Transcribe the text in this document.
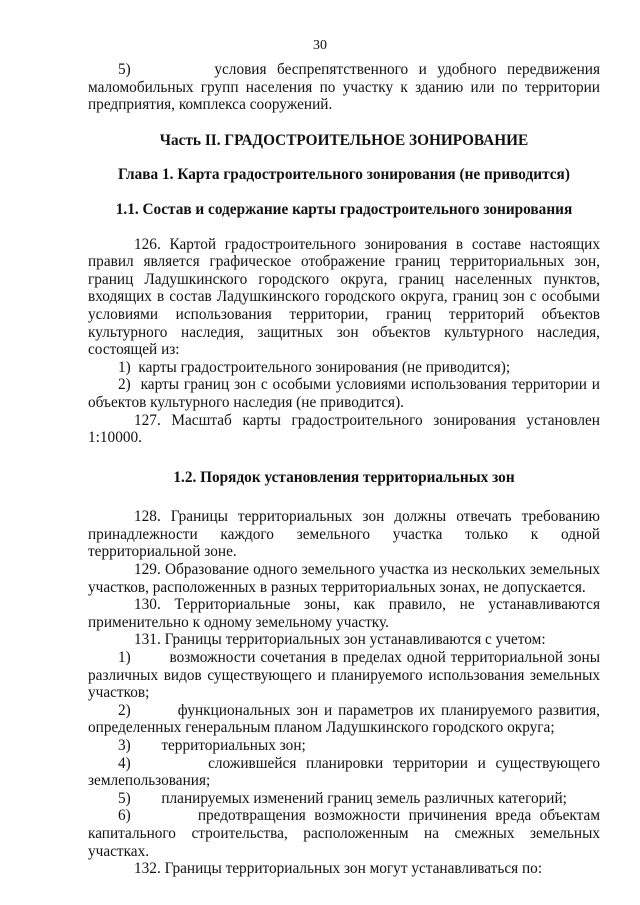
30

5)        условия беспрепятственного и удобного передвижения маломобильных групп населения по участку к зданию или по территории предприятия, комплекса сооружений.

Часть II. ГРАДОСТРОИТЕЛЬНОЕ ЗОНИРОВАНИЕ

Глава 1. Карта градостроительного зонирования (не приводится)

1.1. Состав и содержание карты градостроительного зонирования

126. Картой градостроительного зонирования в составе настоящих правил является графическое отображение границ территориальных зон, границ Ладушкинского городского округа, границ населенных пунктов, входящих в состав Ладушкинского городского округа, границ зон с особыми условиями использования территории, границ территорий объектов культурного наследия, защитных зон объектов культурного наследия, состоящей из:

1)  карты градостроительного зонирования (не приводится);

2)  карты границ зон с особыми условиями использования территории и объектов культурного наследия (не приводится).

127. Масштаб карты градостроительного зонирования установлен 1:10000.

1.2. Порядок установления территориальных зон

128. Границы территориальных зон должны отвечать требованию принадлежности каждого земельного участка только к одной территориальной зоне.

129. Образование одного земельного участка из нескольких земельных участков, расположенных в разных территориальных зонах, не допускается.

130. Территориальные зоны, как правило, не устанавливаются применительно к одному земельному участку.

131. Границы территориальных зон устанавливаются с учетом:

1)        возможности сочетания в пределах одной территориальной зоны различных видов существующего и планируемого использования земельных участков;

2)        функциональных зон и параметров их планируемого развития, определенных генеральным планом Ладушкинского городского округа;

3)        территориальных зон;

4)        сложившейся планировки территории и существующего землепользования;

5)        планируемых изменений границ земель различных категорий;

6)        предотвращения возможности причинения вреда объектам капитального строительства, расположенным на смежных земельных участках.

132. Границы территориальных зон могут устанавливаться по:
